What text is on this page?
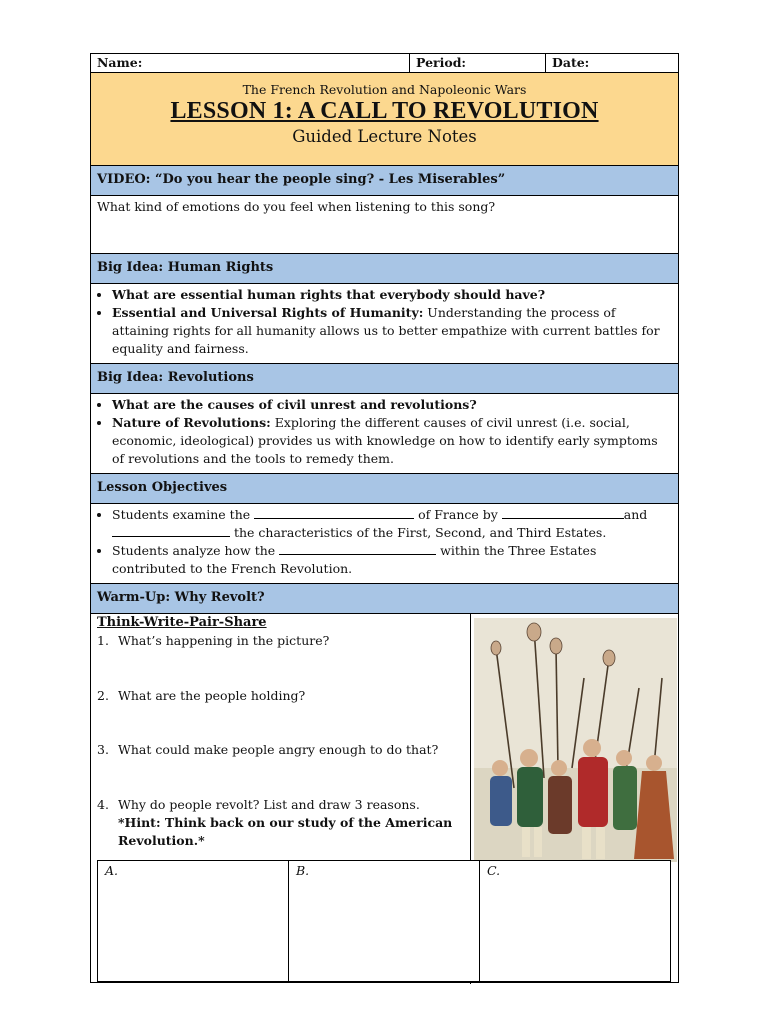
Name:	Period:	Date:
The French Revolution and Napoleonic Wars
LESSON 1: A CALL TO REVOLUTION
Guided Lecture Notes
VIDEO: “Do you hear the people sing? - Les Miserables”
What kind of emotions do you feel when listening to this song?
Big Idea: Human Rights
• What are essential human rights that everybody should have?
• Essential and Universal Rights of Humanity: Understanding the process of attaining rights for all humanity allows us to better empathize with current battles for equality and fairness.
Big Idea: Revolutions
• What are the causes of civil unrest and revolutions?
• Nature of Revolutions: Exploring the different causes of civil unrest (i.e. social, economic, ideological) provides us with knowledge on how to identify early symptoms of revolutions and the tools to remedy them.
Lesson Objectives
• Students examine the	of France by	and
the characteristics of the First, Second, and Third Estates.
• Students analyze how the	within the Three Estates contributed to the French Revolution.
Warm-Up: Why Revolt?
Think-Write-Pair-Share
1. What’s happening in the picture?
2. What are the people holding?
3. What could make people angry enough to do that?
4. Why do people revolt? List and draw 3 reasons.
*Hint: Think back on our study of the American Revolution.*
A.	B.	C.
